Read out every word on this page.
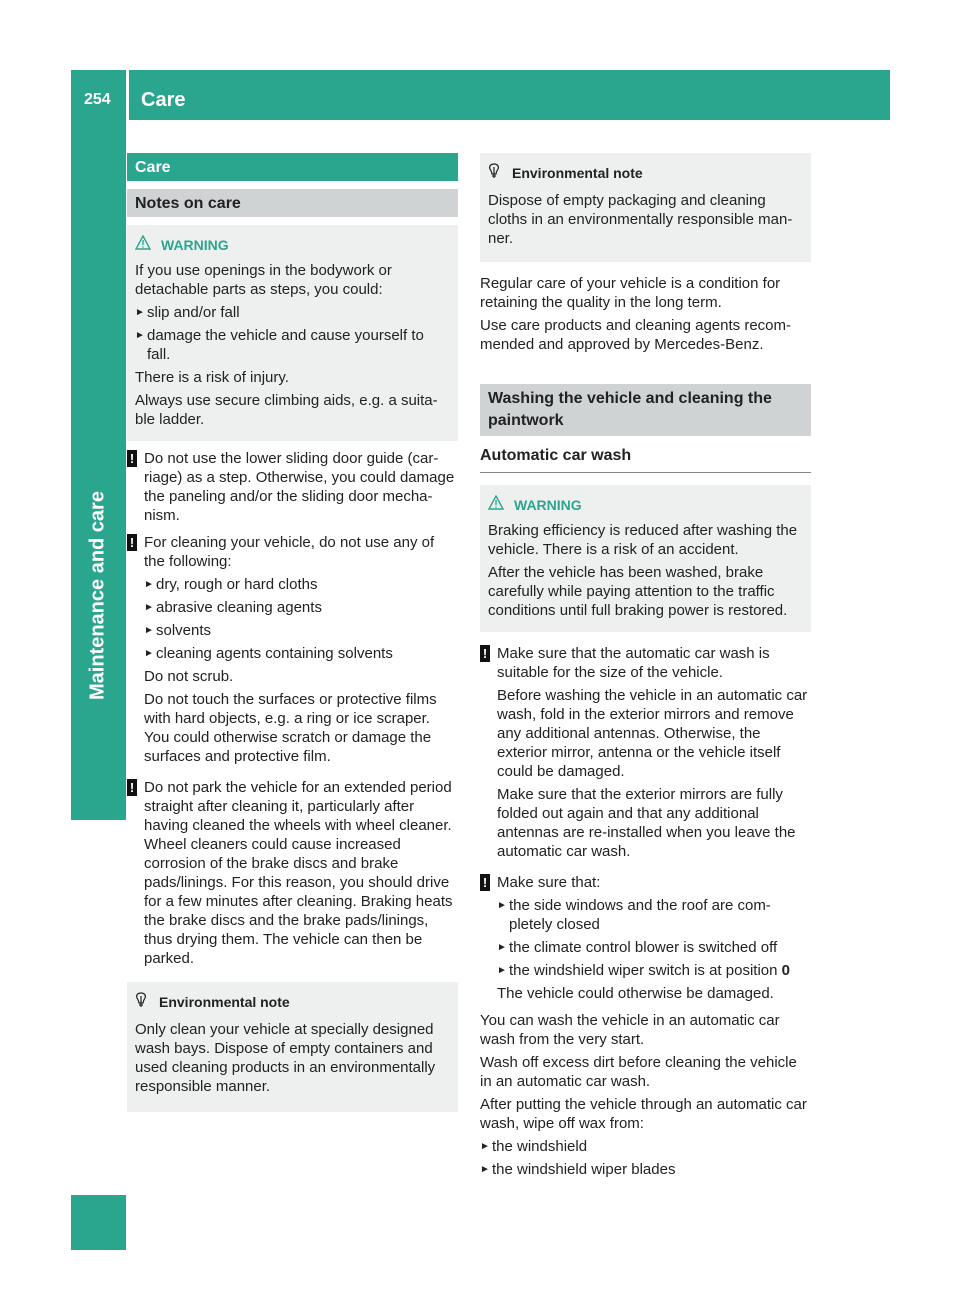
254	Care
Maintenance and care
Care
Notes on care
WARNING
If you use openings in the bodywork or detachable parts as steps, you could:
► slip and/or fall
► damage the vehicle and cause yourself to fall.
There is a risk of injury.
Always use secure climbing aids, e.g. a suita-ble ladder.
! Do not use the lower sliding door guide (car-riage) as a step. Otherwise, you could damage the paneling and/or the sliding door mecha-nism.
! For cleaning your vehicle, do not use any of the following:
► dry, rough or hard cloths
► abrasive cleaning agents
► solvents
► cleaning agents containing solvents
Do not scrub.
Do not touch the surfaces or protective films with hard objects, e.g. a ring or ice scraper. You could otherwise scratch or damage the surfaces and protective film.
! Do not park the vehicle for an extended period straight after cleaning it, particularly after having cleaned the wheels with wheel cleaner. Wheel cleaners could cause increased corrosion of the brake discs and brake pads/linings. For this reason, you should drive for a few minutes after cleaning. Braking heats the brake discs and the brake pads/linings, thus drying them. The vehicle can then be parked.
Environmental note
Only clean your vehicle at specially designed wash bays. Dispose of empty containers and used cleaning products in an environmentally responsible manner.
Environmental note
Dispose of empty packaging and cleaning cloths in an environmentally responsible man-ner.
Regular care of your vehicle is a condition for retaining the quality in the long term.
Use care products and cleaning agents recom-mended and approved by Mercedes-Benz.
Washing the vehicle and cleaning the paintwork
Automatic car wash
WARNING
Braking efficiency is reduced after washing the vehicle. There is a risk of an accident.
After the vehicle has been washed, brake carefully while paying attention to the traffic conditions until full braking power is restored.
! Make sure that the automatic car wash is suitable for the size of the vehicle.
Before washing the vehicle in an automatic car wash, fold in the exterior mirrors and remove any additional antennas. Otherwise, the exterior mirror, antenna or the vehicle itself could be damaged.
Make sure that the exterior mirrors are fully folded out again and that any additional antennas are re-installed when you leave the automatic car wash.
! Make sure that:
► the side windows and the roof are com-pletely closed
► the climate control blower is switched off
► the windshield wiper switch is at position 0
The vehicle could otherwise be damaged.
You can wash the vehicle in an automatic car wash from the very start.
Wash off excess dirt before cleaning the vehicle in an automatic car wash.
After putting the vehicle through an automatic car wash, wipe off wax from:
► the windshield
► the windshield wiper blades
